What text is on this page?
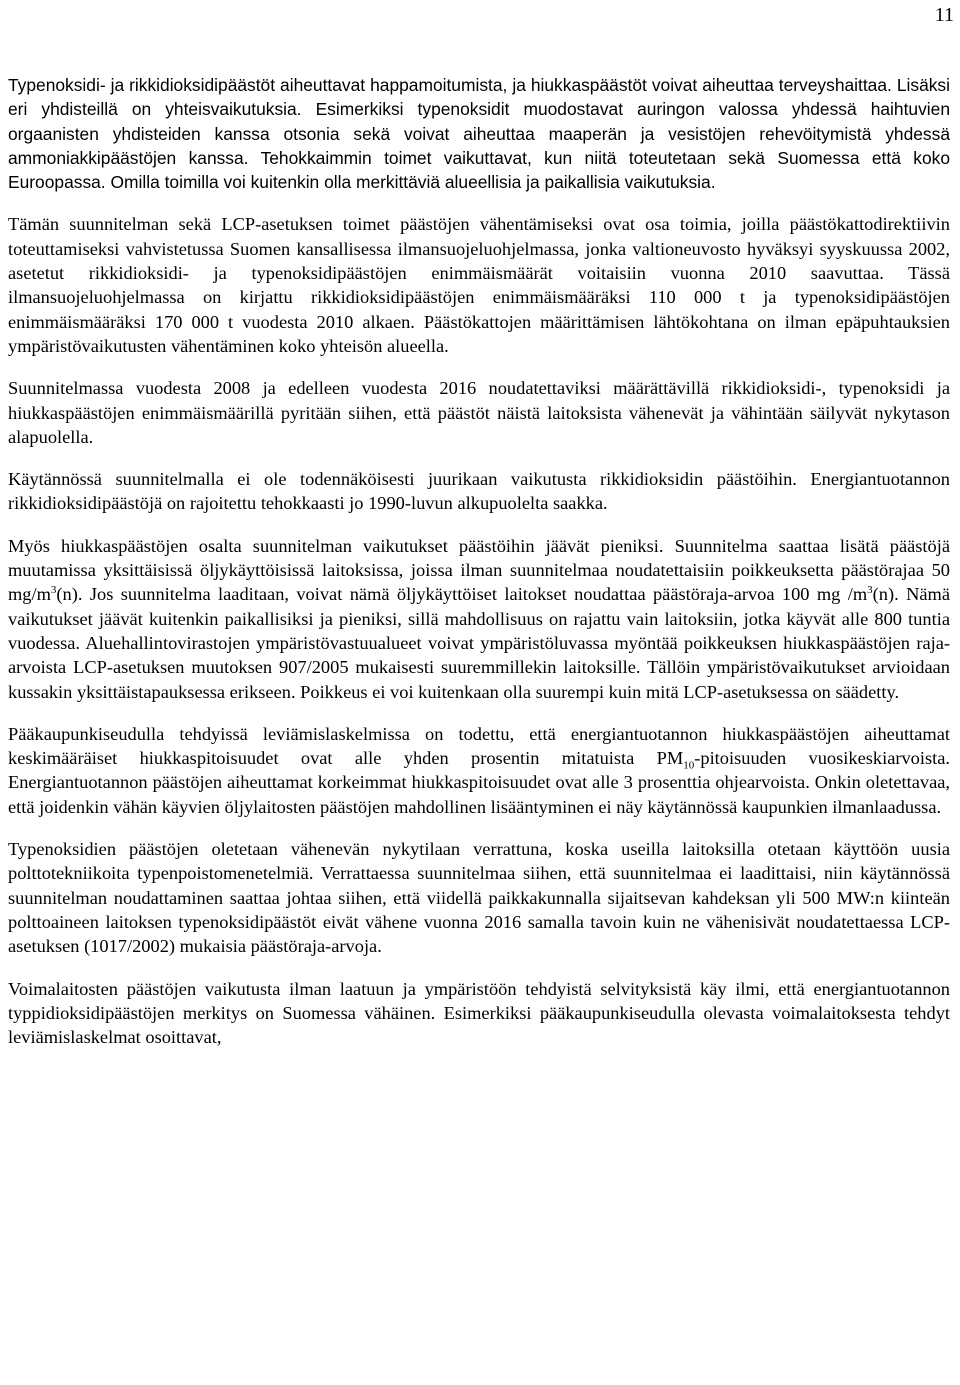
11

Typenoksidi- ja rikkidioksidipäästöt aiheuttavat happamoitumista, ja hiukkaspäästöt voivat aiheuttaa terveyshaittaa. Lisäksi eri yhdisteillä on yhteisvaikutuksia. Esimerkiksi typenoksidit muodostavat auringon valossa yhdessä haihtuvien orgaanisten yhdisteiden kanssa otsonia sekä voivat aiheuttaa maaperän ja vesistöjen rehevöitymistä yhdessä ammoniakkipäästöjen kanssa. Tehokkaimmin toimet vaikuttavat, kun niitä toteutetaan sekä Suomessa että koko Euroopassa. Omilla toimilla voi kuitenkin olla merkittäviä alueellisia ja paikallisia vaikutuksia.

Tämän suunnitelman sekä LCP-asetuksen toimet päästöjen vähentämiseksi ovat osa toimia, joilla päästökattodirektiivin toteuttamiseksi vahvistetussa Suomen kansallisessa ilmansuojeluohjelmassa, jonka valtioneuvosto hyväksyi syyskuussa 2002, asetetut rikkidioksidi- ja typenoksidipäästöjen enimmäismäärät voitaisiin vuonna 2010 saavuttaa. Tässä ilmansuojeluohjelmassa on kirjattu rikkidioksidipäästöjen enimmäismääräksi 110 000 t ja typenoksidipäästöjen enimmäismääräksi 170 000 t vuodesta 2010 alkaen. Päästökattojen määrittämisen lähtökohtana on ilman epäpuhtauksien ympäristövaikutusten vähentäminen koko yhteisön alueella.

Suunnitelmassa vuodesta 2008 ja edelleen vuodesta 2016 noudatettaviksi määrättävillä rikkidioksidi-, typenoksidi ja hiukkaspäästöjen enimmäismäärillä pyritään siihen, että päästöt näistä laitoksista vähenevät ja vähintään säilyvät nykytason alapuolella.

Käytännössä suunnitelmalla ei ole todennäköisesti juurikaan vaikutusta rikkidioksidin päästöihin. Energiantuotannon rikkidioksidipäästöjä on rajoitettu tehokkaasti jo 1990-luvun alkupuolelta saakka.

Myös hiukkaspäästöjen osalta suunnitelman vaikutukset päästöihin jäävät pieniksi. Suunnitelma saattaa lisätä päästöjä muutamissa yksittäisissä öljykäyttöisissä laitoksissa, joissa ilman suunnitelmaa noudatettaisiin poikkeuksetta päästörajaa 50 $mg/m^3(n)$. Jos suunnitelma laaditaan, voivat nämä öljykäyttöiset laitokset noudattaa päästöraja-arvoa 100 mg $/m^3(n)$. Nämä vaikutukset jäävät kuitenkin paikallisiksi ja pieniksi, sillä mahdollisuus on rajattu vain laitoksiin, jotka käyvät alle 800 tuntia vuodessa. Aluehallintovirastojen ympäristövastuualueet voivat ympäristöluvassa myöntää poikkeuksen hiukkaspäästöjen raja-arvoista LCP-asetuksen muutoksen 907/2005 mukaisesti suuremmillekin laitoksille. Tällöin ympäristövaikutukset arvioidaan kussakin yksittäistapauksessa erikseen. Poikkeus ei voi kuitenkaan olla suurempi kuin mitä LCP-asetuksessa on säädetty.

Pääkaupunkiseudulla tehdyissä leviämislaskelmissa on todettu, että energiantuotannon hiukkaspäästöjen aiheuttamat keskimääräiset hiukkaspitoisuudet ovat alle yhden prosentin mitatuista $PM_{10}$-pitoisuuden vuosikeskiarvoista. Energiantuotannon päästöjen aiheuttamat korkeimmat hiukkaspitoisuudet ovat alle 3 prosenttia ohjearvoista. Onkin oletettavaa, että joidenkin vähän käyvien öljylaitosten päästöjen mahdollinen lisääntyminen ei näy käytännössä kaupunkien ilmanlaadussa.

Typenoksidien päästöjen oletetaan vähenevän nykytilaan verrattuna, koska useilla laitoksilla otetaan käyttöön uusia polttotekniikoita typenpoistomenetelmiä. Verrattaessa suunnitelmaa siihen, että suunnitelmaa ei laadittaisi, niin käytännössä suunnitelman noudattaminen saattaa johtaa siihen, että viidellä paikkakunnalla sijaitsevan kahdeksan yli 500 MW:n kiinteän polttoaineen laitoksen typenoksidipäästöt eivät vähene vuonna 2016 samalla tavoin kuin ne vähenisivät noudatettaessa LCP-asetuksen (1017/2002) mukaisia päästöraja-arvoja.

Voimalaitosten päästöjen vaikutusta ilman laatuun ja ympäristöön tehdyistä selvityksistä käy ilmi, että energiantuotannon typpidioksidipäästöjen merkitys on Suomessa vähäinen. Esimerkiksi pääkaupunkiseudulla olevasta voimalaitoksesta tehdyt leviämislaskelmat osoittavat,
